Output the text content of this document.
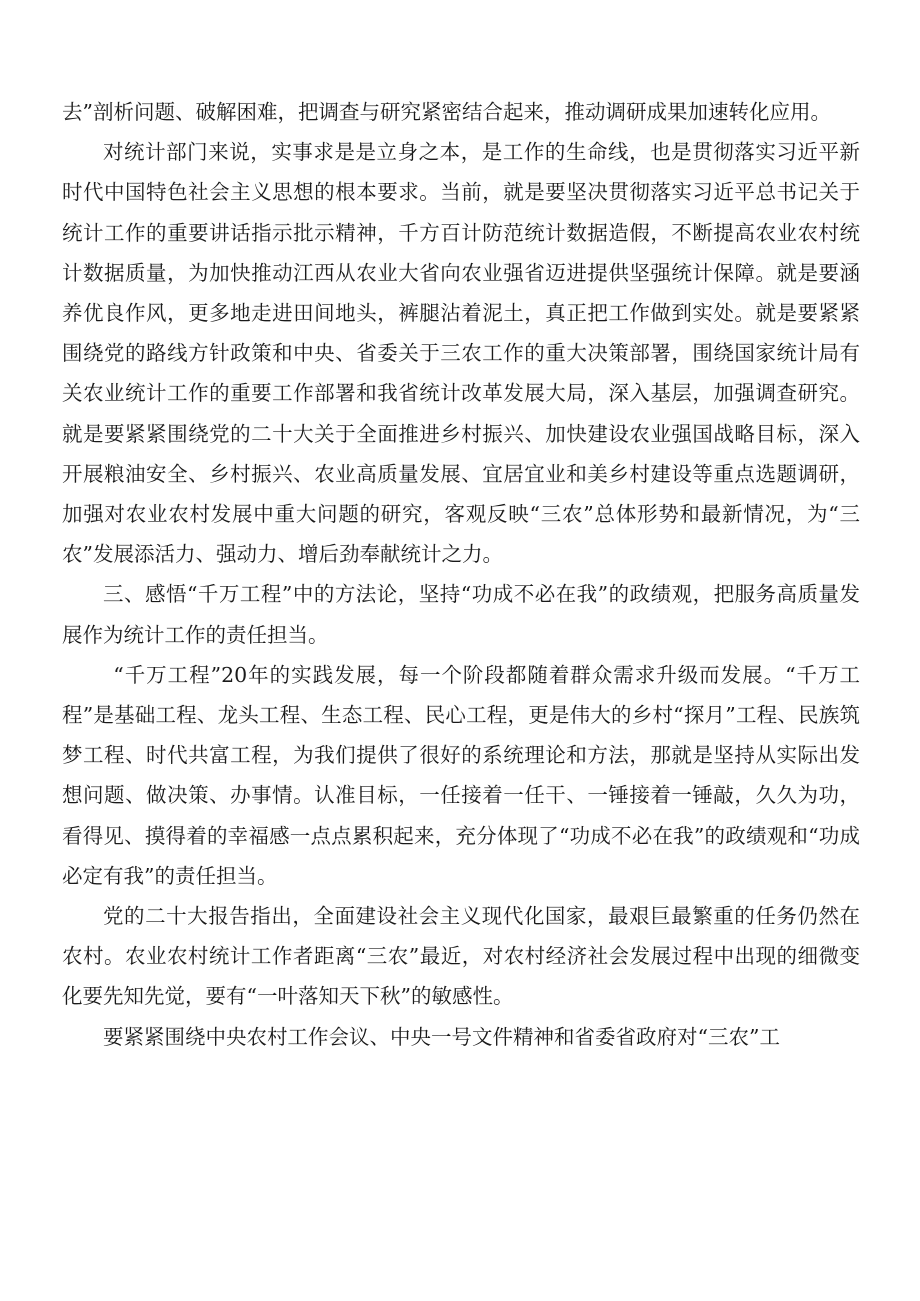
去”剖析问题、破解困难，把调查与研究紧密结合起来，推动调研成果加速转化应用。

对统计部门来说，实事求是是立身之本，是工作的生命线，也是贯彻落实习近平新时代中国特色社会主义思想的根本要求。当前，就是要坚决贯彻落实习近平总书记关于统计工作的重要讲话指示批示精神，千方百计防范统计数据造假，不断提高农业农村统计数据质量，为加快推动江西从农业大省向农业强省迈进提供坚强统计保障。就是要涵养优良作风，更多地走进田间地头，裤腿沾着泥土，真正把工作做到实处。就是要紧紧围绕党的路线方针政策和中央、省委关于三农工作的重大决策部署，围绕国家统计局有关农业统计工作的重要工作部署和我省统计改革发展大局，深入基层，加强调查研究。就是要紧紧围绕党的二十大关于全面推进乡村振兴、加快建设农业强国战略目标，深入开展粮油安全、乡村振兴、农业高质量发展、宜居宜业和美乡村建设等重点选题调研，加强对农业农村发展中重大问题的研究，客观反映“三农”总体形势和最新情况，为“三农”发展添活力、强动力、增后劲奉献统计之力。

三、感悟“千万工程”中的方法论，坚持“功成不必在我”的政绩观，把服务高质量发展作为统计工作的责任担当。

“千万工程”20年的实践发展，每一个阶段都随着群众需求升级而发展。“千万工程”是基础工程、龙头工程、生态工程、民心工程，更是伟大的乡村“探月”工程、民族筑梦工程、时代共富工程，为我们提供了很好的系统理论和方法，那就是坚持从实际出发想问题、做决策、办事情。认准目标，一任接着一任干、一锤接着一锤敲，久久为功，看得见、摸得着的幸福感一点点累积起来，充分体现了“功成不必在我”的政绩观和“功成必定有我”的责任担当。

党的二十大报告指出，全面建设社会主义现代化国家，最艰巨最繁重的任务仍然在农村。农业农村统计工作者距离“三农”最近，对农村经济社会发展过程中出现的细微变化要先知先觉，要有“一叶落知天下秋”的敏感性。

要紧紧围绕中央农村工作会议、中央一号文件精神和省委省政府对“三农”工
